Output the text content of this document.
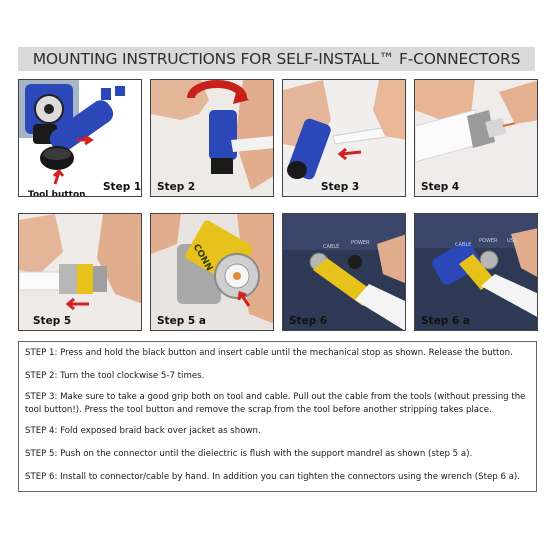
MOUNTING INSTRUCTIONS FOR SELF-INSTALL™ F-CONNECTORS
Tool button
Step 1 Step 2	Step 3	Step 4
Step 5
CONN
Step 5 a
CABLE
POWER
Step 6
CABLE
POWER USB
Step 6 a

STEP 1: Press and hold the black button and insert cable until the mechanical stop as shown. Release the button.

STEP 2: Turn the tool clockwise 5-7 times.

STEP 3: Make sure to take a good grip both on tool and cable. Pull out the cable from the tools (without pressing the tool button!). Press the tool button and remove the scrap from the tool before another stripping takes place.

STEP 4: Fold exposed braid back over jacket as shown.

STEP 5: Push on the connector until the dielectric is flush with the support mandrel as shown (step 5 a).

STEP 6: Install to connector/cable by hand. In addition you can tighten the connectors using the wrench (Step 6 a).
